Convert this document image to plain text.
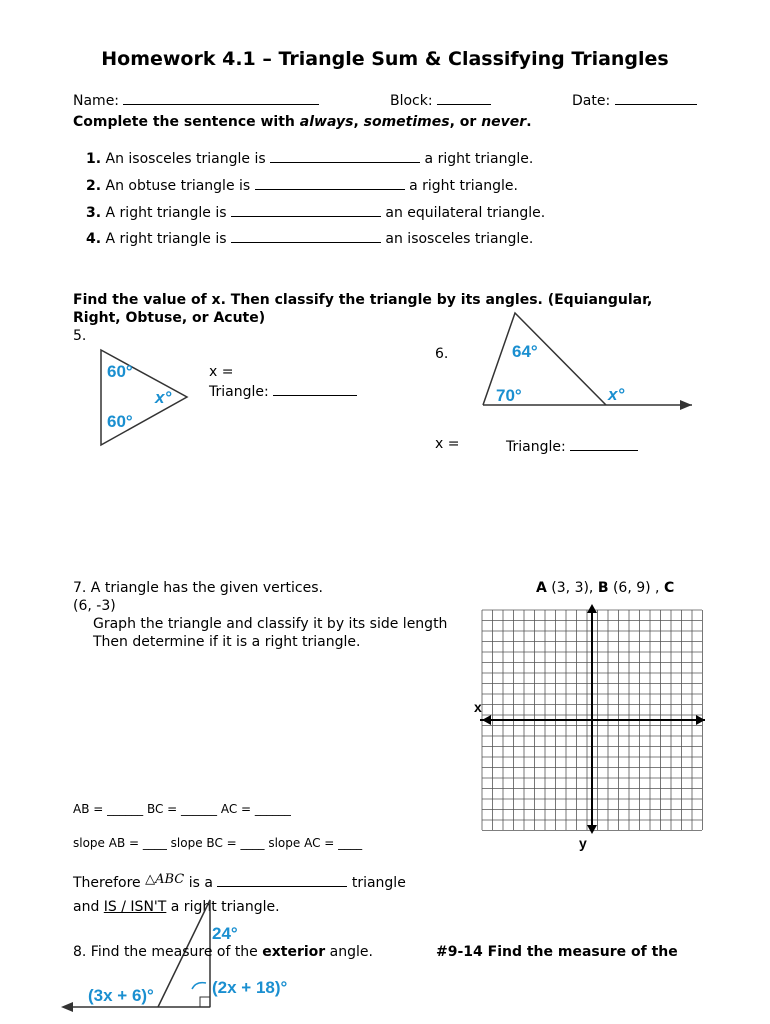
Homework 4.1 – Triangle Sum & Classifying Triangles
Name:	Block:	Date:
Complete the sentence with always, sometimes, or never.
1. An isosceles triangle is	a right triangle.
2. An obtuse triangle is	a right triangle.
3. A right triangle is	an equilateral triangle.
4. A right triangle is	an isosceles triangle.
Find the value of x. Then classify the triangle by its angles. (Equiangular,
Right, Obtuse, or Acute)
5.
60°
x°
60°
x =
Triangle:
6.	64°
70°	x°
x =	Triangle:
7. A triangle has the given vertices.	A (3, 3), B (6, 9) , C
(6, -3)
Graph the triangle and classify it by its side length
Then determine if it is a right triangle.
x
y
AB = ______ BC = ______ AC = ______
slope AB = ____ slope BC = ____ slope AC = ____
Therefore △ABC is a	triangle
and IS / ISN'T a right triangle.
24°
(3x + 6)°	(2x + 18)°
8. Find the measure of the exterior angle.	#9-14 Find the measure of the
